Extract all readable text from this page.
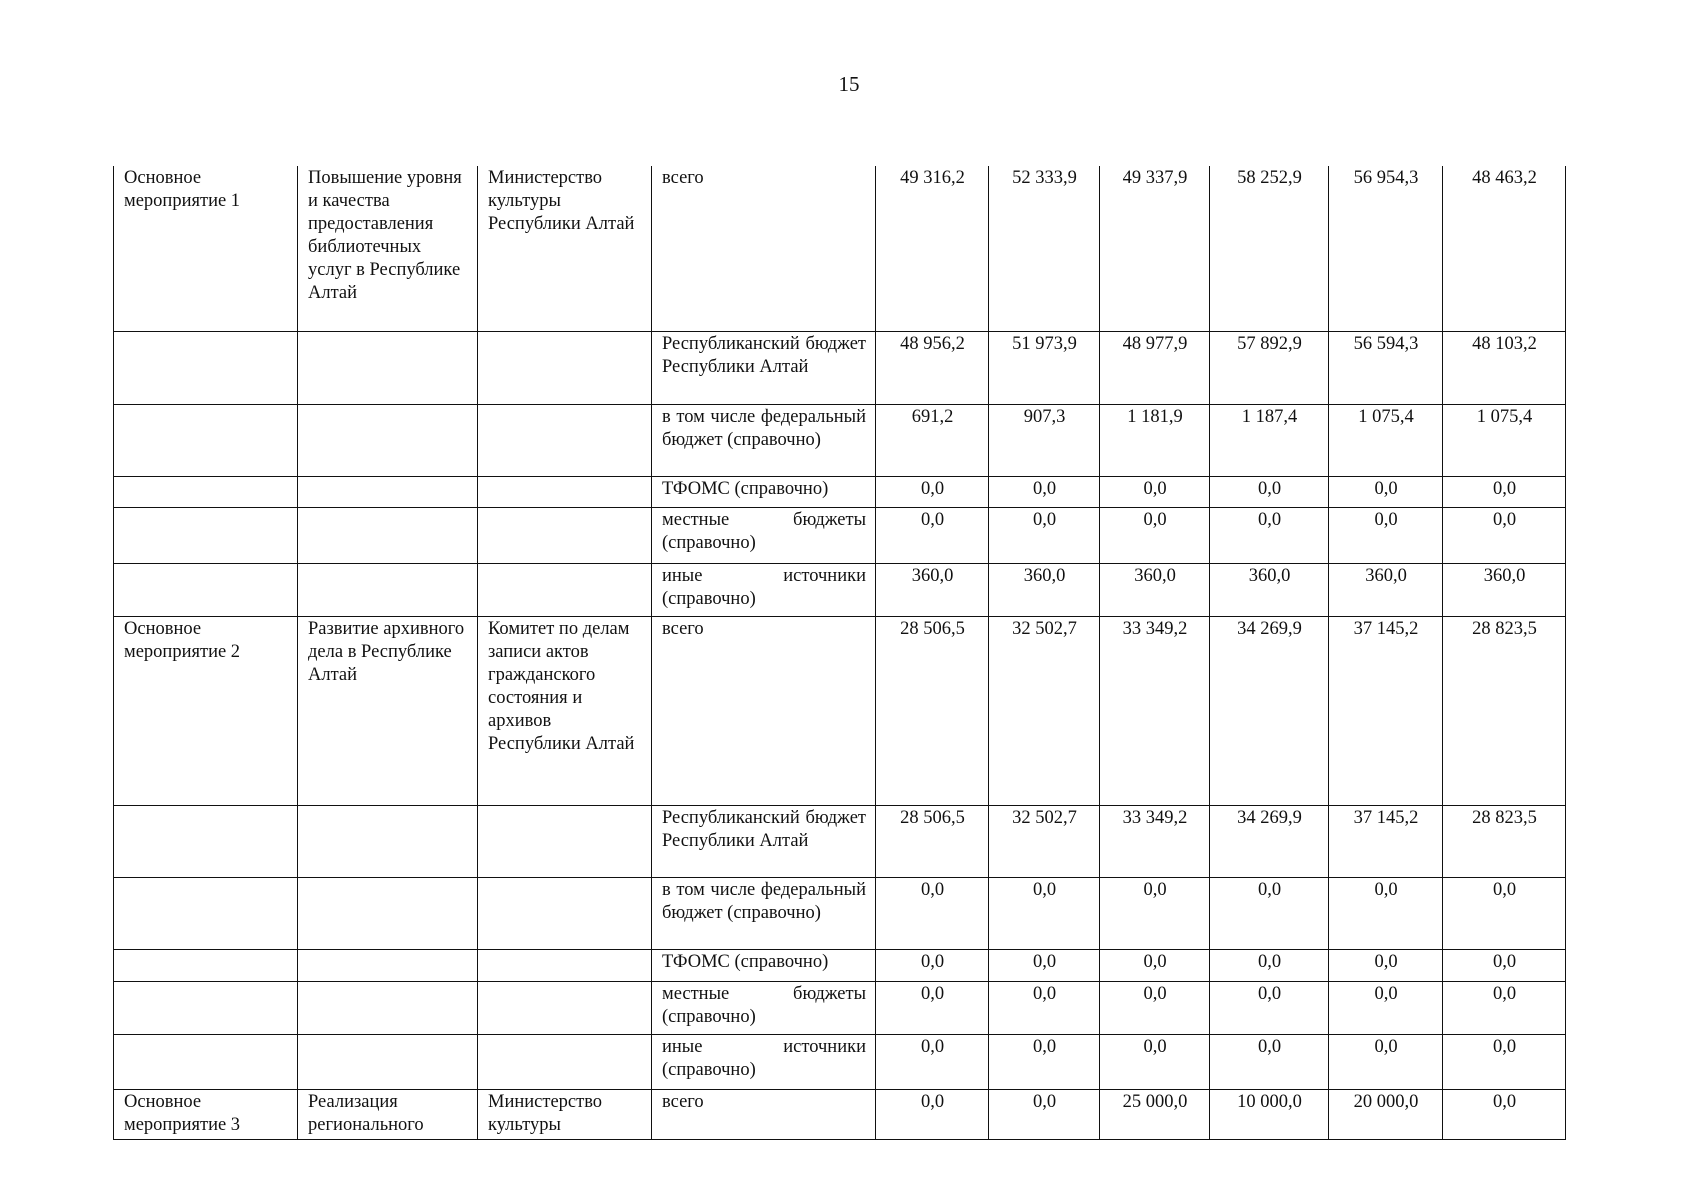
15
Основное мероприятие 1	Повышение уровня и качества предоставления библиотечных услуг в Республике Алтай	Министерство культуры Республики Алтай	всего	49 316,2	52 333,9	49 337,9	58 252,9	56 954,3	48 463,2
			Республиканский бюджет Республики Алтай	48 956,2	51 973,9	48 977,9	57 892,9	56 594,3	48 103,2
			в том числе федеральный бюджет (справочно)	691,2	907,3	1 181,9	1 187,4	1 075,4	1 075,4
			ТФОМС (справочно)	0,0	0,0	0,0	0,0	0,0	0,0
			местные бюджеты (справочно)	0,0	0,0	0,0	0,0	0,0	0,0
			иные источники (справочно)	360,0	360,0	360,0	360,0	360,0	360,0
Основное мероприятие 2	Развитие архивного дела в Республике Алтай	Комитет по делам записи актов гражданского состояния и архивов Республики Алтай	всего	28 506,5	32 502,7	33 349,2	34 269,9	37 145,2	28 823,5
			Республиканский бюджет Республики Алтай	28 506,5	32 502,7	33 349,2	34 269,9	37 145,2	28 823,5
			в том числе федеральный бюджет (справочно)	0,0	0,0	0,0	0,0	0,0	0,0
			ТФОМС (справочно)	0,0	0,0	0,0	0,0	0,0	0,0
			местные бюджеты (справочно)	0,0	0,0	0,0	0,0	0,0	0,0
			иные источники (справочно)	0,0	0,0	0,0	0,0	0,0	0,0
Основное мероприятие 3	Реализация регионального	Министерство культуры	всего	0,0	0,0	25 000,0	10 000,0	20 000,0	0,0
